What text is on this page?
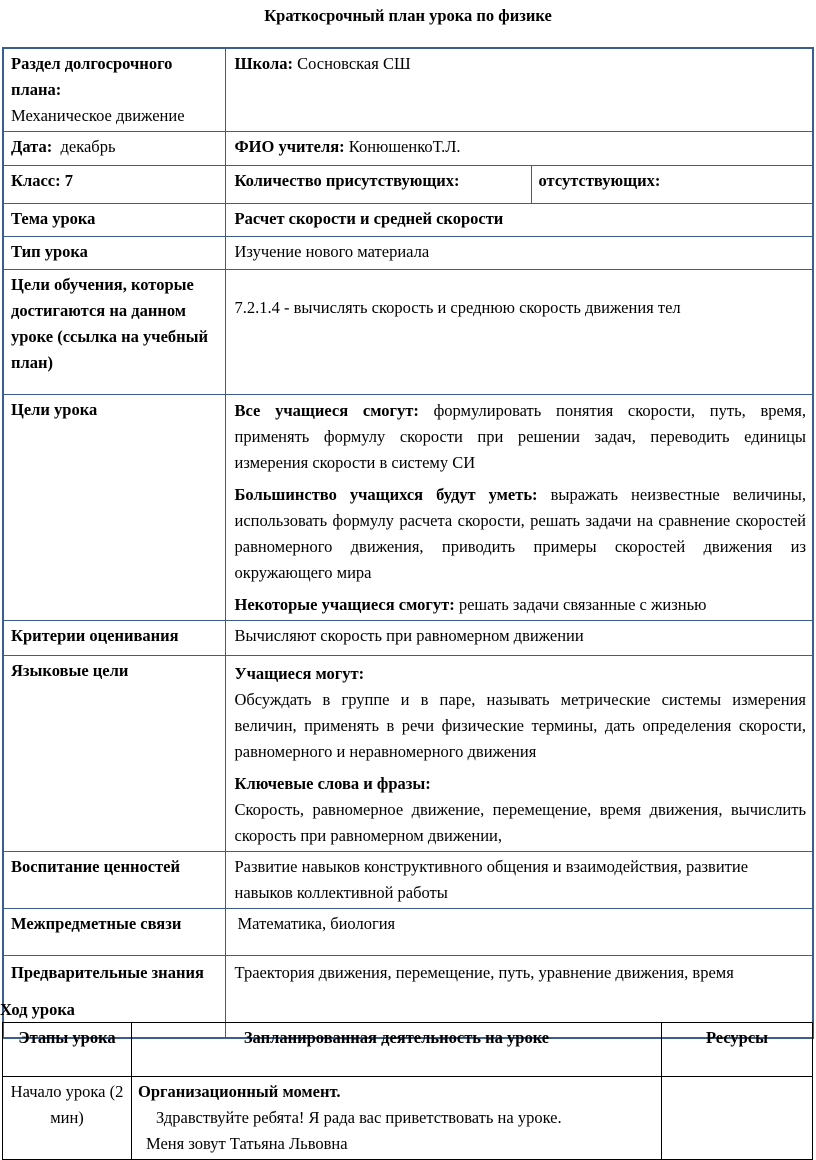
Краткосрочный план урока по физике
Раздел долгосрочного плана:
Механическое движение	Школа: Сосновская СШ	
Дата: декабрь	ФИО учителя: КонюшенкоТ.Л.	
Класс: 7	Количество присутствующих:	отсутствующих:
Тема урока	Расчет скорости и средней скорости	
Тип урока	Изучение нового материала	
Цели обучения, которые достигаются на данном уроке (ссылка на учебный план)	7.2.1.4 - вычислять скорость и среднюю скорость движения тел	
Цели урока	Все учащиеся смогут: формулировать понятия скорости, путь, время, применять формулу скорости при решении задач, переводить единицы измерения скорости в систему СИ
Большинство учащихся будут уметь: выражать неизвестные величины, использовать формулу расчета скорости, решать задачи на сравнение скоростей равномерного движения, приводить примеры скоростей движения из окружающего мира
Некоторые учащиеся смогут: решать задачи связанные с жизнью	

Критерии оценивания	Вычисляют скорость при равномерном движении	
Языковые цели	Учащиеся могут:
Обсуждать в группе и в паре, называть метрические системы измерения величин, применять в речи физические термины, дать определения скорости, равномерного и неравномерного движения
Ключевые слова и фразы:
Скорость, равномерное движение, перемещение, время движения, вычислить скорость при равномерном движении,	

Воспитание ценностей	Развитие навыков конструктивного общения и взаимодействия, развитие навыков коллективной работы	
Межпредметные связи	Математика, биология	
Предварительные знания	Траектория движения, перемещение, путь, уравнение движения, время	
Ход урока
Этапы урока	Запланированная деятельность на уроке	Ресурсы
Начало урока (2 мин)	Организационный момент.
Здравствуйте ребята! Я рада вас приветствовать на уроке.
Меня зовут Татьяна Львовна	
